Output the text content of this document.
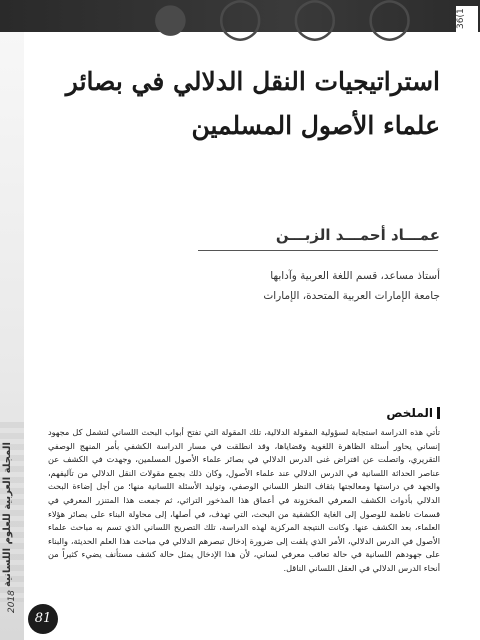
● ◯ ◯ ◯	36(1
المجلة العربية للعلوم اللسانية
2018
81
استراتيجيات النقل الدلالي في بصائر
علماء الأصول المسلمين
عمـــاد أحمـــد الزبـــن
أستاذ مساعد، قسم اللغة العربية وآدابها
جامعة الإمارات العربية المتحدة، الإمارات
الملخص
تأتي هذه الدراسة استجابة لسؤولية المقولة الدلالية، تلك المقولة التي تفتح أبواب البحث اللساني لتشمل كل مجهود إنساني يحاور أسئلة الظاهرة اللغوية وقضاياها، وقد انطلقت في مسار الدراسة الكشفي بأمر المنهج الوصفي التقريري، واتصلت عن افتراض غنى الدرس الدلالي في بصائر علماء الأصول المسلمين، وجهدت في الكشف عن عناصر الحداثة اللسانية في الدرس الدلالي عند علماء الأصول، وكان ذلك بجمع مقولات النقل الدلالي من تآليفهم، والجهد في دراستها ومعالجتها بثقاف النظر اللساني الوصفي، وتوليد الأسئلة اللسانية منها؛ من أجل إضاءة البحث الدلالي بأدوات الكشف المعرفي المخزونة في أعماق هذا المذخور التراثي، ثم جمعت هذا المتنزر المعرفي في قسمات ناظمة للوصول إلى الغاية الكشفية من البحث، التي تهدف، في أصلها، إلى محاولة البناء على بصائر هؤلاء العلماء، بعد الكشف عنها. وكانت النتيجة المركزية لهذه الدراسة، تلك التصريح اللساني الذي تسم به مباحث علماء الأصول في الدرس الدلالي، الأمر الذي يلفت إلى ضرورة إدخال تبصرهم الدلالي في مباحث هذا العلم الحديثة، والبناء على جهودهم اللسانية في حالة تعاقب معرفي لساني، لأن هذا الإدخال يمثل حالة كشف مستأنف يضيء كثيراً من أنحاء الدرس الدلالي في العقل اللساني الناقل.
